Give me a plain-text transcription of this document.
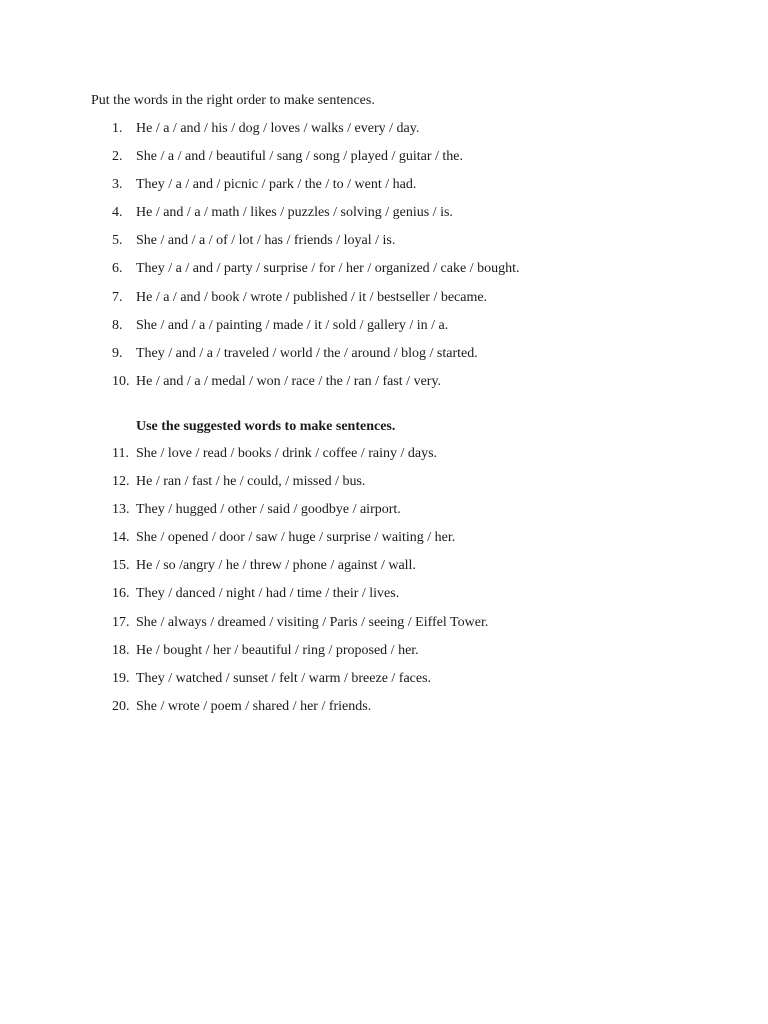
Put the words in the right order to make sentences.
1. He / a / and / his / dog / loves / walks / every / day.
2. She / a / and / beautiful / sang / song / played / guitar / the.
3. They / a / and / picnic / park / the / to / went / had.
4. He / and / a / math / likes / puzzles / solving / genius / is.
5. She / and / a / of / lot / has / friends / loyal / is.
6. They / a / and / party / surprise / for / her / organized / cake / bought.
7. He / a / and / book / wrote / published / it / bestseller / became.
8. She / and / a / painting / made / it / sold / gallery / in / a.
9. They / and / a / traveled / world / the / around / blog / started.
10. He / and / a / medal / won / race / the / ran / fast / very.
Use the suggested words to make sentences.
11. She / love / read / books / drink / coffee / rainy / days.
12. He / ran / fast / he / could, / missed / bus.
13. They / hugged / other / said / goodbye / airport.
14. She / opened / door / saw / huge / surprise / waiting / her.
15. He / so /angry / he / threw / phone / against / wall.
16. They / danced / night / had / time / their / lives.
17. She / always / dreamed / visiting / Paris / seeing / Eiffel Tower.
18. He / bought / her / beautiful / ring / proposed / her.
19. They / watched / sunset / felt / warm / breeze / faces.
20. She / wrote / poem / shared / her / friends.
